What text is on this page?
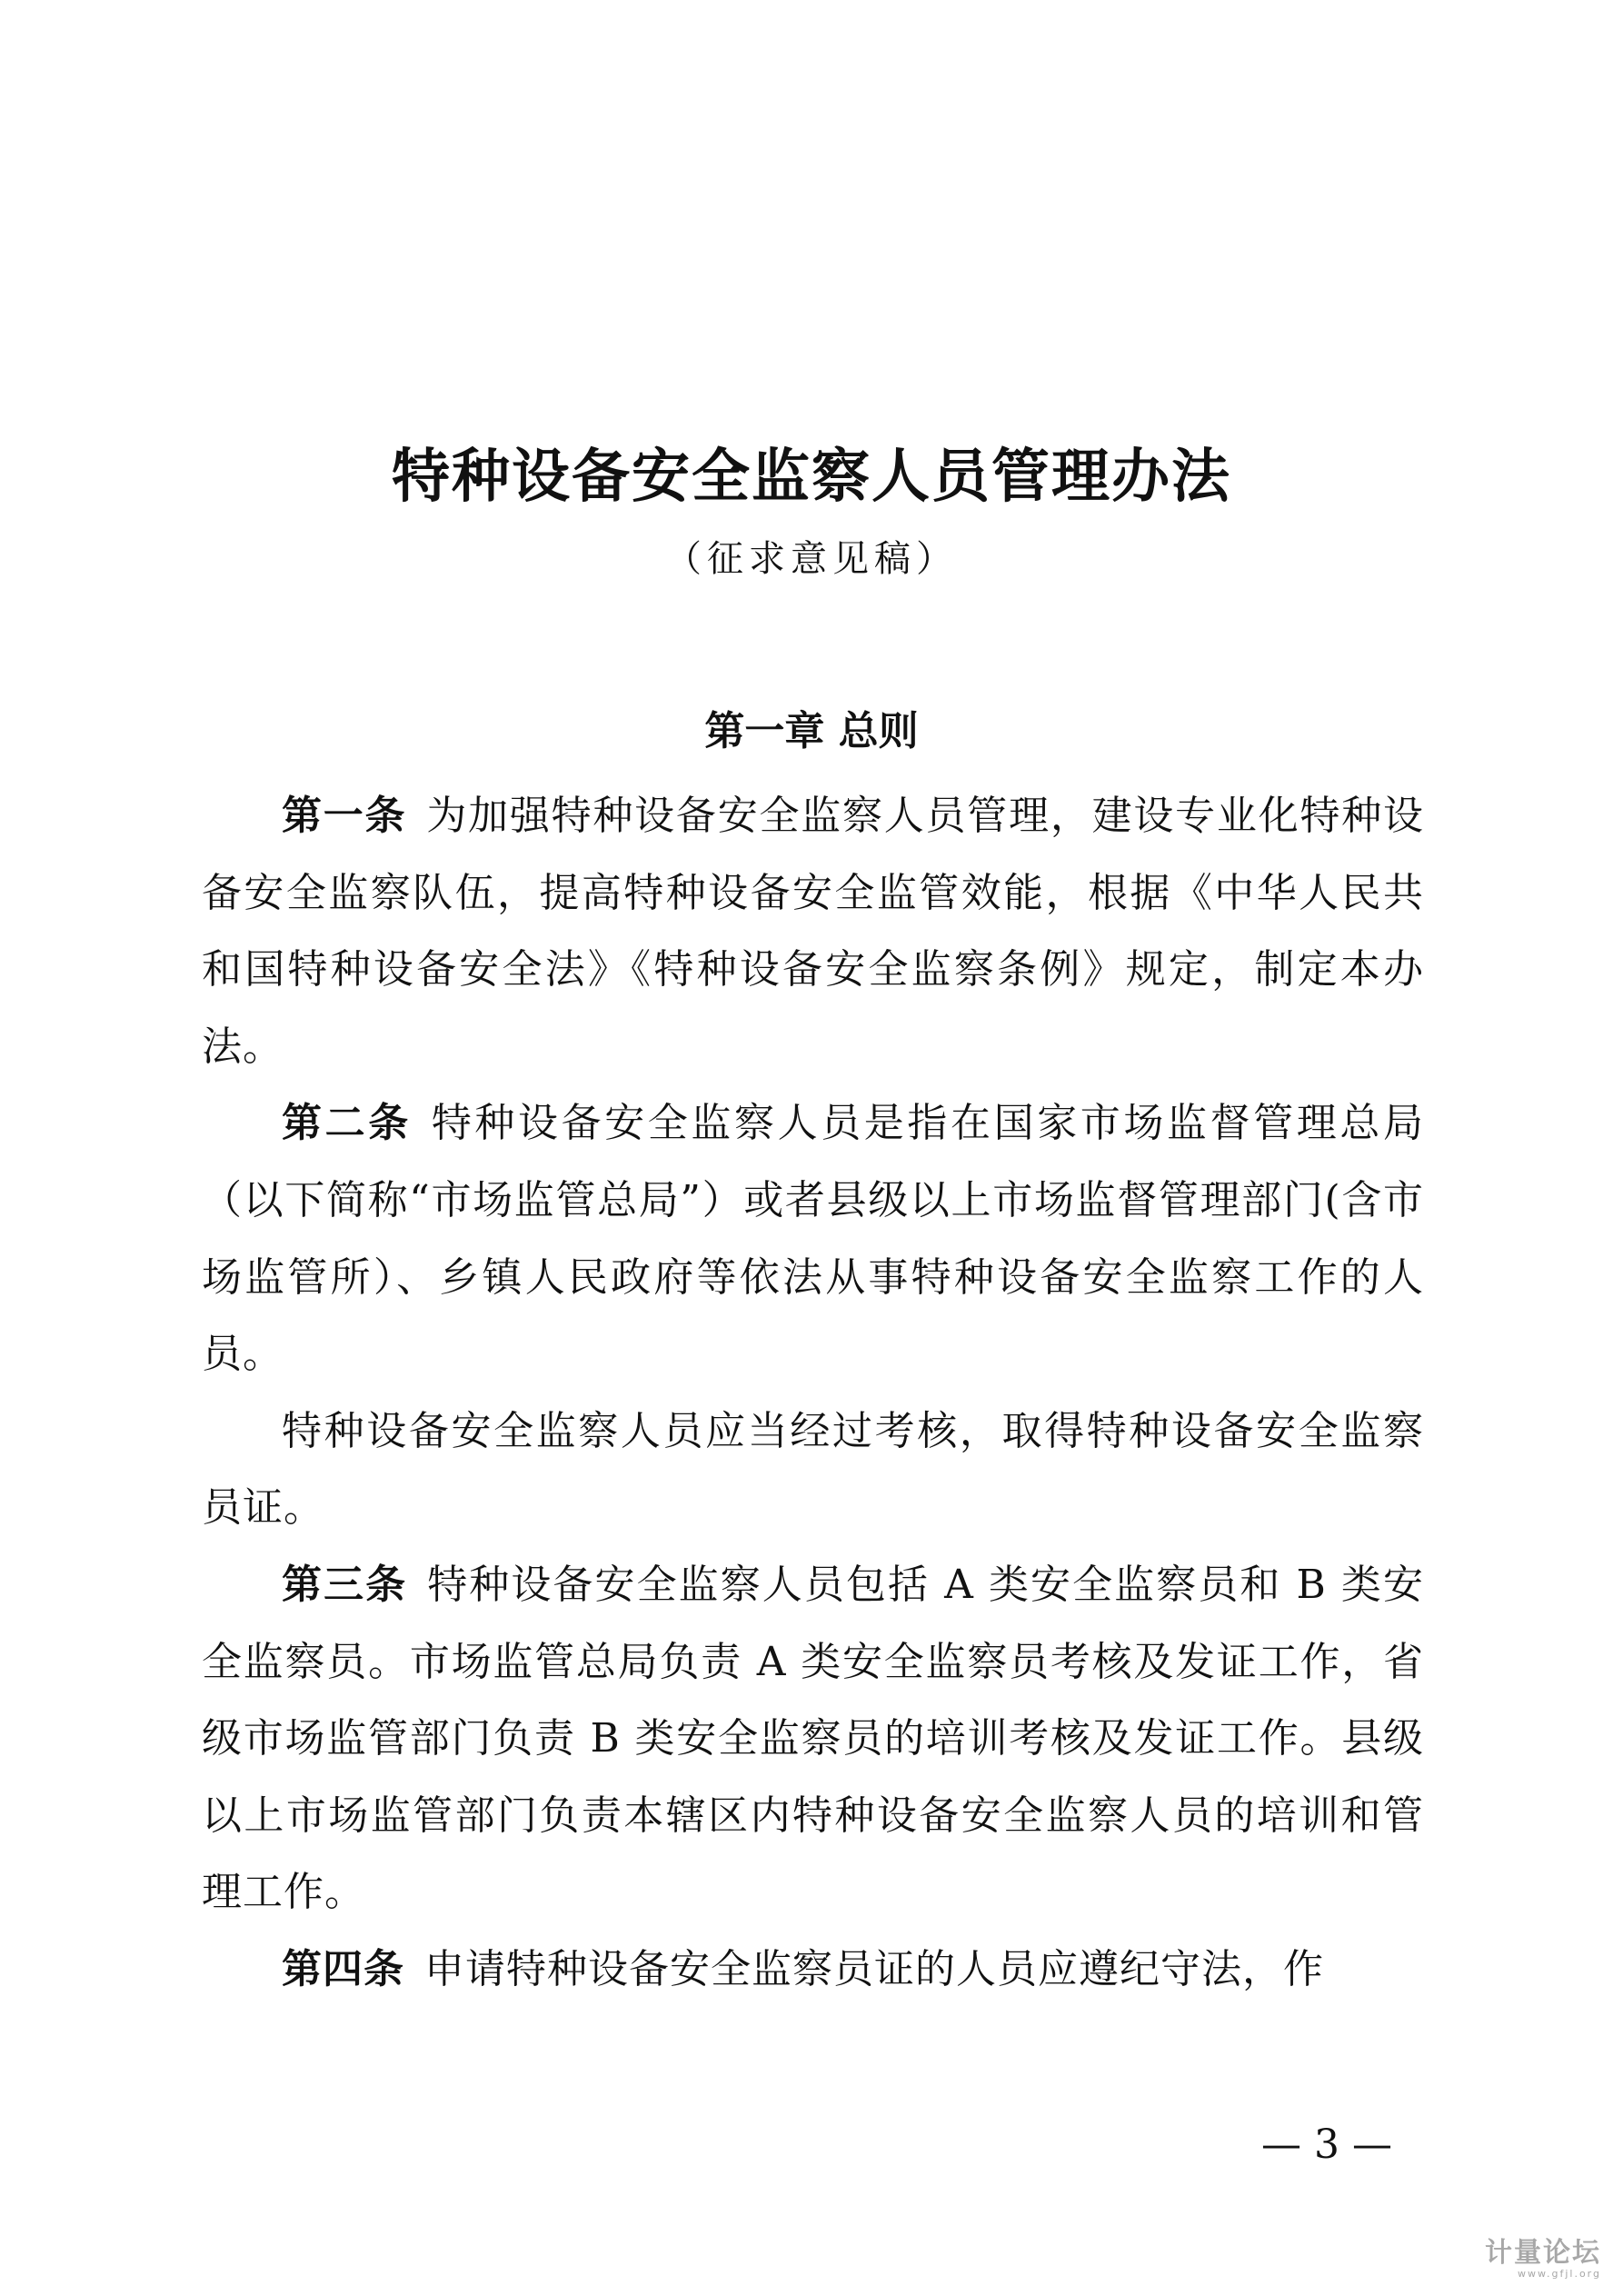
特种设备安全监察人员管理办法
（征求意见稿）
第一章 总则

第一条 为加强特种设备安全监察人员管理，建设专业化特种设备安全监察队伍，提高特种设备安全监管效能，根据《中华人民共和国特种设备安全法》《特种设备安全监察条例》规定，制定本办法。

第二条 特种设备安全监察人员是指在国家市场监督管理总局（以下简称“市场监管总局”）或者县级以上市场监督管理部门(含市场监管所）、乡镇人民政府等依法从事特种设备安全监察工作的人员。

特种设备安全监察人员应当经过考核，取得特种设备安全监察员证。

第三条 特种设备安全监察人员包括 A 类安全监察员和 B 类安全监察员。市场监管总局负责 A 类安全监察员考核及发证工作，省级市场监管部门负责 B 类安全监察员的培训考核及发证工作。县级以上市场监管部门负责本辖区内特种设备安全监察人员的培训和管理工作。

第四条 申请特种设备安全监察员证的人员应遵纪守法，作

— 3 —
计量论坛
www.gfjl.org
